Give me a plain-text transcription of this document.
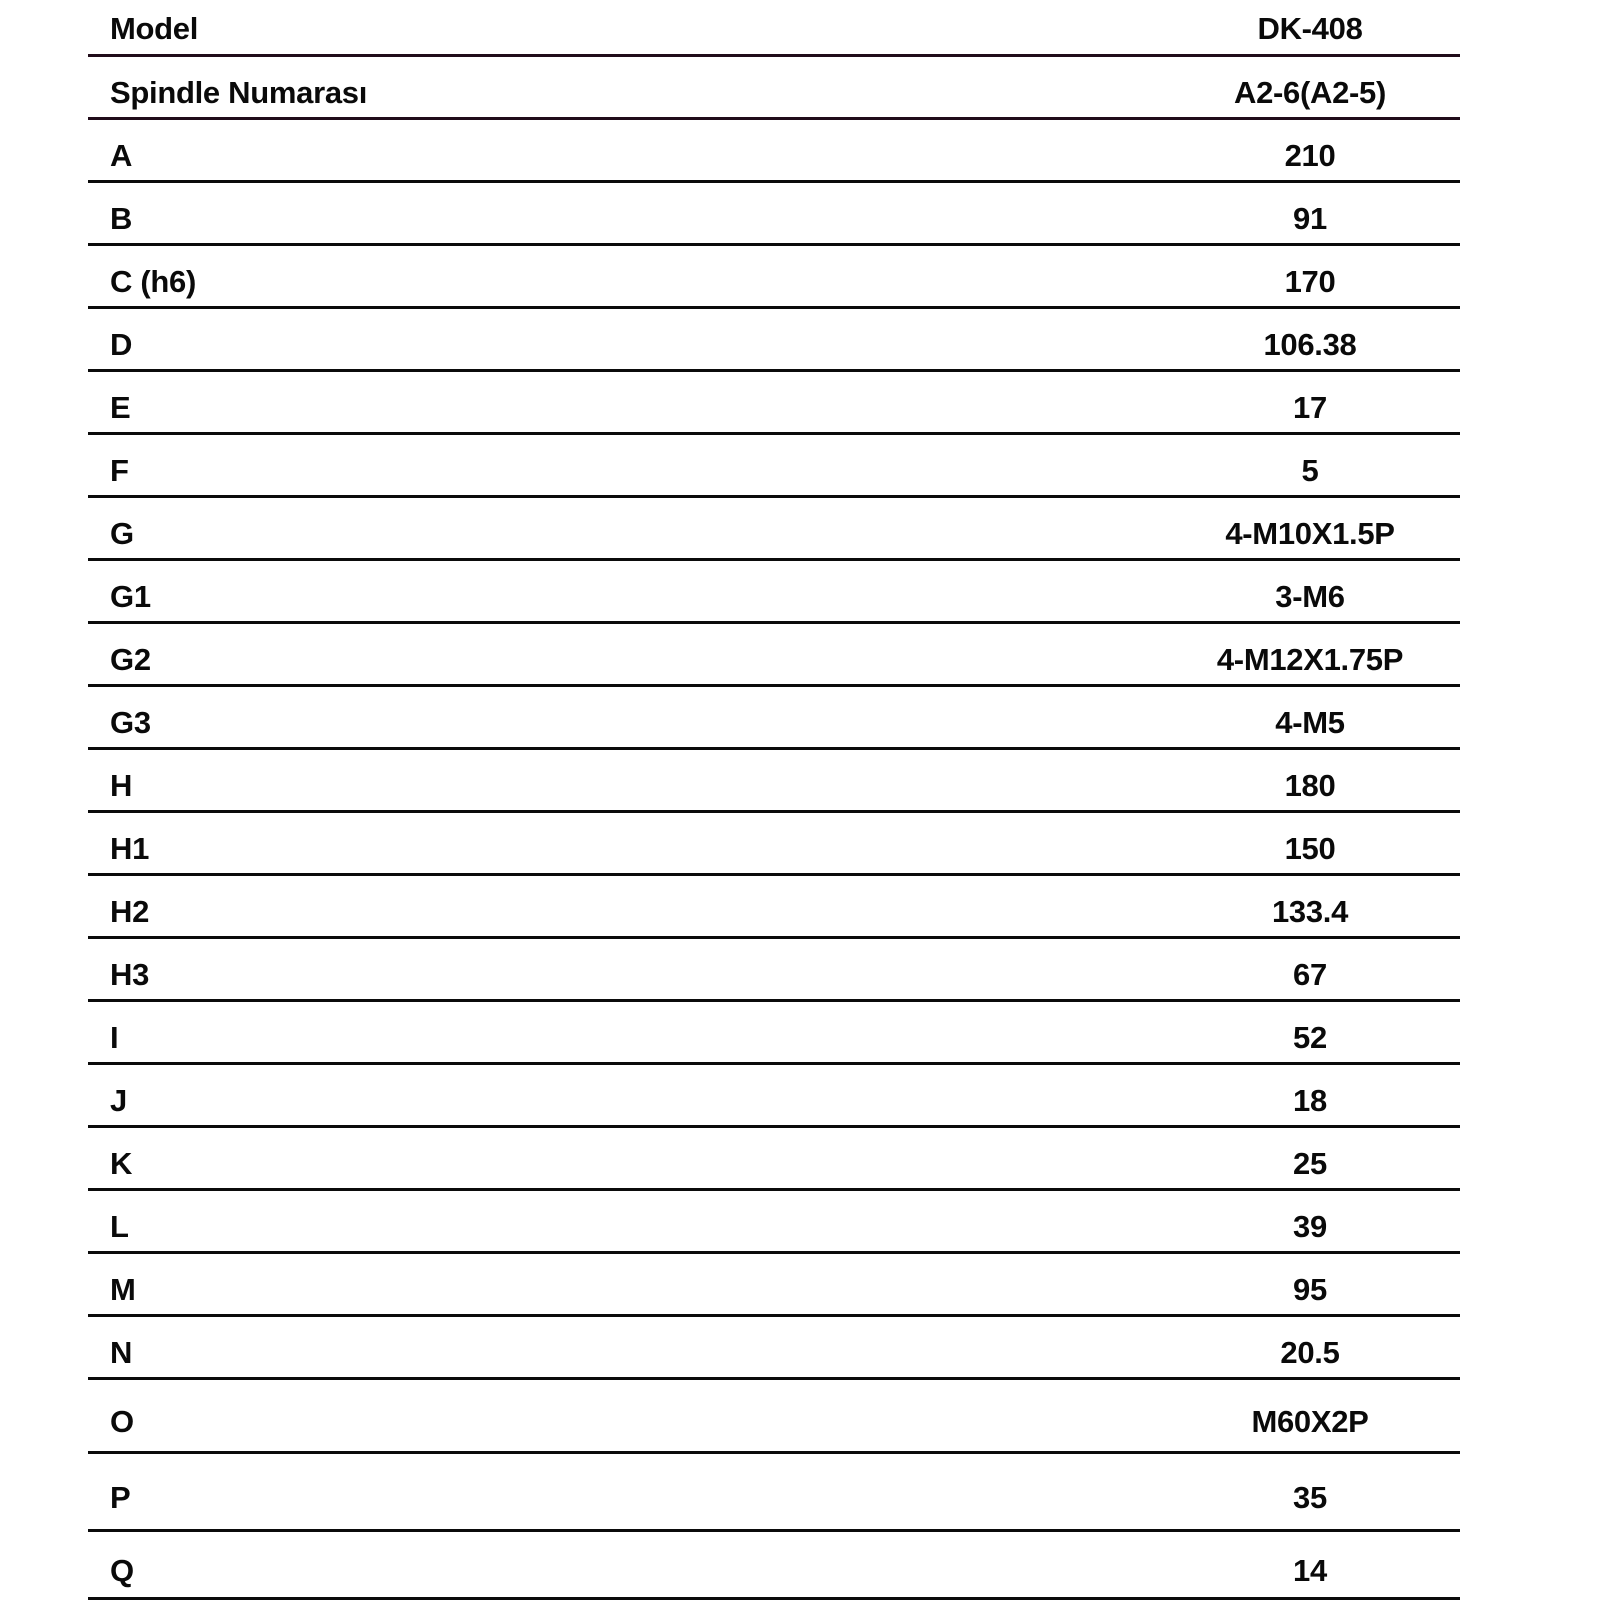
Model	DK-408
Spindle Numarası	A2-6(A2-5)
A	210
B	91
C (h6)	170
D	106.38
E	17
F	5
G	4-M10X1.5P
G1	3-M6
G2	4-M12X1.75P
G3	4-M5
H	180
H1	150
H2	133.4
H3	67
I	52
J	18
K	25
L	39
M	95
N	20.5
O	M60X2P
P	35
Q	14
